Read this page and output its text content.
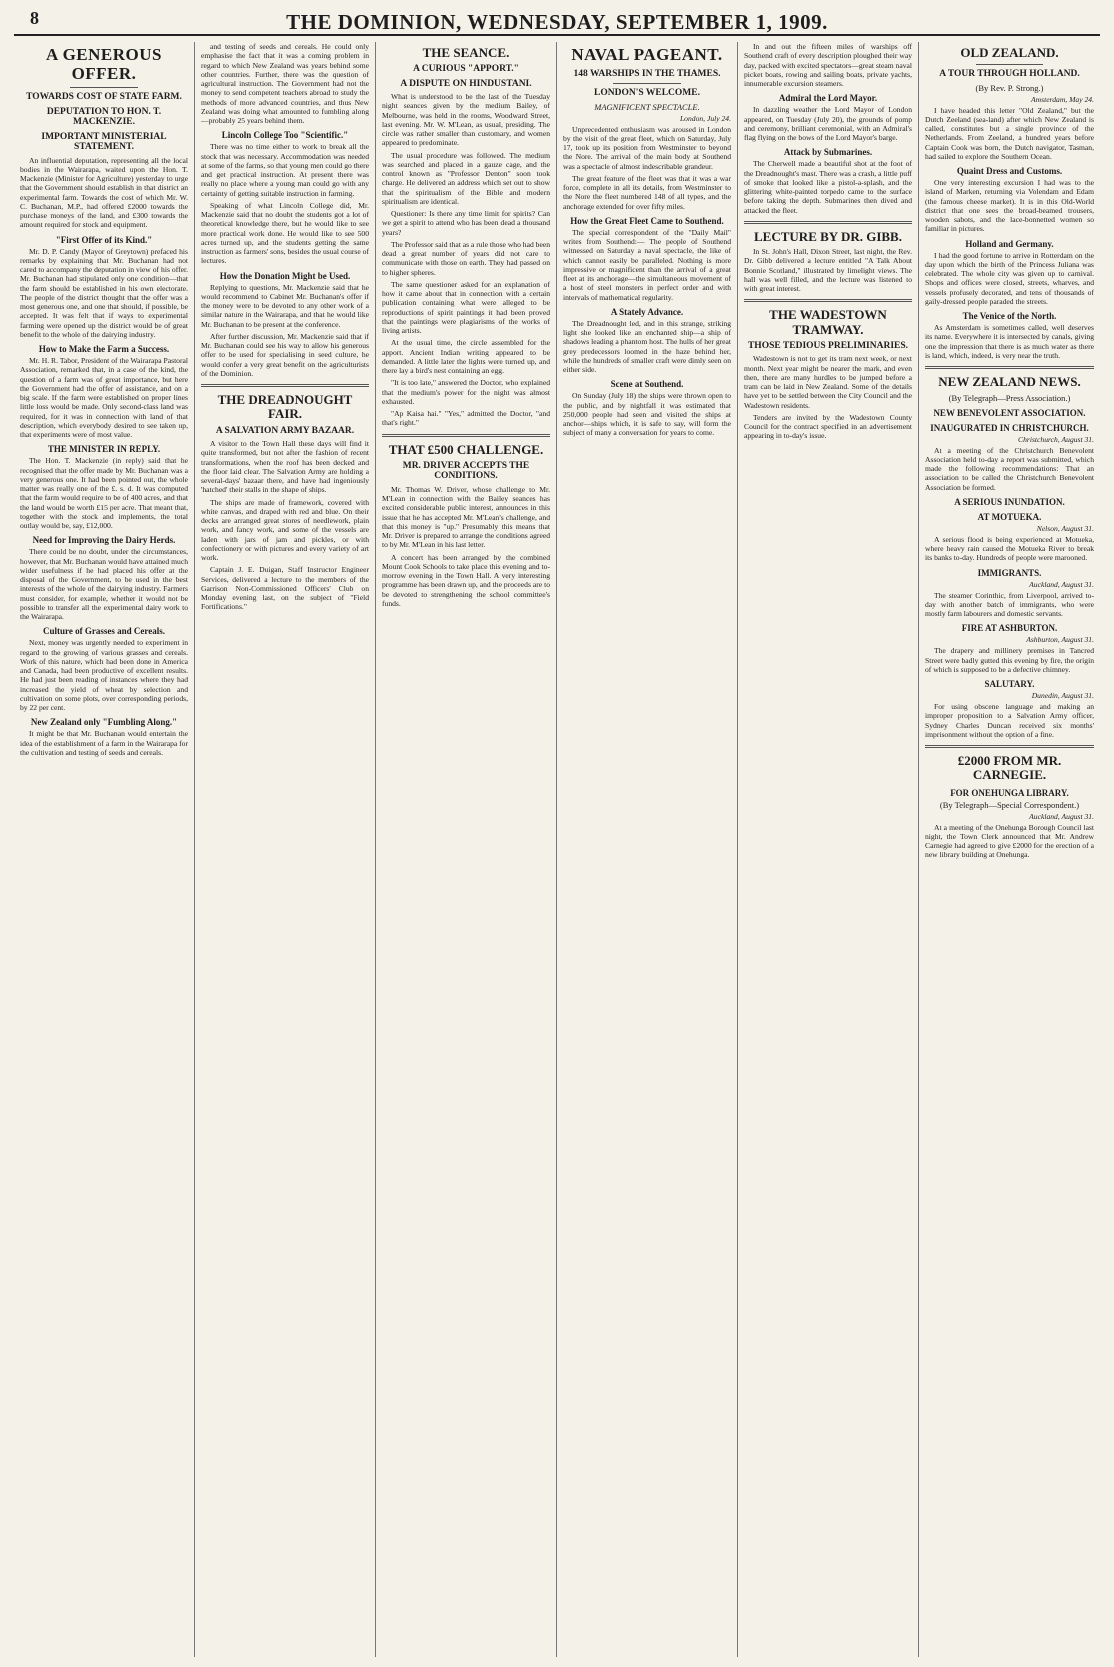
8	THE DOMINION, WEDNESDAY, SEPTEMBER 1, 1909.
A GENEROUS OFFER.
TOWARDS COST OF STATE FARM.
DEPUTATION TO HON. T. MACKENZIE.
IMPORTANT MINISTERIAL STATEMENT.

An influential deputation, representing all the local bodies in the Wairarapa, waited upon the Hon. T. Mackenzie (Minister for Agriculture) yesterday to urge that the Government should establish in that district an experimental farm. Towards the cost of which Mr. W. C. Buchanan, M.P., had offered £2000 towards the purchase moneys of the land, and £300 towards the amount required for stock and equipment.

"First Offer of its Kind."

Mr. D. P. Candy (Mayor of Greytown) prefaced his remarks by explaining that Mr. Buchanan had not cared to accompany the deputation in view of his offer. Mr. Buchanan had stipulated only one condition—that the farm should be established in his own electorate. The people of the district thought that the offer was a most generous one, and one that should, if possible, be accepted. It was felt that if ways to experimental farming were opened up the district would be of great benefit to the whole of the dairying industry.

How to Make the Farm a Success.

Mr. H. R. Tabor, President of the Wairarapa Pastoral Association, remarked that, in a case of the kind, the question of a farm was of great importance, but here the Government had the offer of assistance, and on a big scale. If the farm were established on proper lines little loss would be made. Only second-class land was required, for it was in connection with land of that description, which everybody desired to see taken up, that experiments were of most value.

THE MINISTER IN REPLY.

The Hon. T. Mackenzie (in reply) said that he recognised that the offer made by Mr. Buchanan was a very generous one. It had been pointed out, the whole matter was really one of the £. s. d. It was computed that the farm would require to be of 400 acres, and that the land would be worth £15 per acre. That meant that, together with the stock and implements, the total outlay would be, say, £12,000.

Need for Improving the Dairy Herds.

There could be no doubt, under the circumstances, however, that Mr. Buchanan would have attained much wider usefulness if he had placed his offer at the disposal of the Government, to be used in the best interests of the whole of the dairying industry. Farmers must consider, for example, whether it would not be possible to transfer all the experimental dairy work to the Wairarapa.

Culture of Grasses and Cereals.

Next, money was urgently needed to experiment in regard to the growing of various grasses and cereals. Work of this nature, which had been done in America and Canada, had been productive of excellent results. He had just been reading of instances where they had increased the yield of wheat by selection and cultivation on some plots, over corresponding periods, by 22 per cent.

New Zealand only "Fumbling Along."

It might be that Mr. Buchanan would entertain the idea of the establishment of a farm in the Wairarapa for the cultivation and testing of seeds and cereals.

and testing of seeds and cereals. He could only emphasise the fact that it was a coming problem in regard to which New Zealand was years behind some other countries. Further, there was the question of agricultural instruction. The Government had not the money to send competent teachers abroad to study the methods of more advanced countries, and thus New Zealand was doing what amounted to fumbling along—probably 25 years behind them.

Lincoln College Too "Scientific."

There was no time either to work to break all the stock that was necessary. Accommodation was needed at some of the farms, so that young men could go there and get practical instruction. At present there was really no place where a young man could go with any certainty of getting suitable instruction in farming.

Speaking of what Lincoln College did, Mr. Mackenzie said that no doubt the students got a lot of theoretical knowledge there, but he would like to see more practical work done. He would like to see 500 acres turned up, and the students getting the same instruction as farmers' sons, besides the usual course of lectures.

How the Donation Might be Used.

Replying to questions, Mr. Mackenzie said that he would recommend to Cabinet Mr. Buchanan's offer if the money were to be devoted to any other work of a similar nature in the Wairarapa, and that he would like Mr. Buchanan to be present at the conference.

After further discussion, Mr. Mackenzie said that if Mr. Buchanan could see his way to allow his generous offer to be used for specialising in seed culture, he would confer a very great benefit on the agriculturists of the Dominion.

THE DREADNOUGHT FAIR.
A SALVATION ARMY BAZAAR.

A visitor to the Town Hall these days will find it quite transformed, but not after the fashion of recent transformations, when the roof has been decked and the floor laid clear. The Salvation Army are holding a several-days' bazaar there, and have had ingeniously 'hatched' their stalls in the shape of ships.

The ships are made of framework, covered with white canvas, and draped with red and blue. On their decks are arranged great stores of needlework, plain work, and fancy work, and some of the vessels are laden with jars of jam and pickles, or with confectionery or with pictures and every variety of art work.

Captain J. E. Duigan, Staff Instructor Engineer Services, delivered a lecture to the members of the Garrison Non-Commissioned Officers' Club on Monday evening last, on the subject of "Field Fortifications."

THE SEANCE.
A CURIOUS "APPORT."
A DISPUTE ON HINDUSTANI.

What is understood to be the last of the Tuesday night seances given by the medium Bailey, of Melbourne, was held in the rooms, Woodward Street, last evening. Mr. W. M'Lean, as usual, presiding. The circle was rather smaller than customary, and women appeared to predominate.

The usual procedure was followed. The medium was searched and placed in a gauze cage, and the control known as "Professor Denton" soon took charge. He delivered an address which set out to show that the spiritualism of the Bible and modern spiritualism are identical.

Questioner: Is there any time limit for spirits? Can we get a spirit to attend who has been dead a thousand years?

The Professor said that as a rule those who had been dead a great number of years did not care to communicate with those on earth. They had passed on to higher spheres.

The same questioner asked for an explanation of how it came about that in connection with a certain publication containing what were alleged to be reproductions of spirit paintings it had been proved that the paintings were plagiarisms of the works of living artists.

At the usual time, the circle assembled for the apport. Ancient Indian writing appeared to be demanded. A little later the lights were turned up, and there lay a bird's nest containing an egg.

"It is too late," answered the Doctor, who explained that the medium's power for the night was almost exhausted.

"Ap Kaisa hai." "Yes," admitted the Doctor, "and that's right."

THAT £500 CHALLENGE.
MR. DRIVER ACCEPTS THE CONDITIONS.

Mr. Thomas W. Driver, whose challenge to Mr. M'Lean in connection with the Bailey seances has excited considerable public interest, announces in this issue that he has accepted Mr. M'Lean's challenge, and that this money is "up." Presumably this means that Mr. Driver is prepared to arrange the conditions agreed to by Mr. M'Lean in his last letter.

A concert has been arranged by the combined Mount Cook Schools to take place this evening and to-morrow evening in the Town Hall. A very interesting programme has been drawn up, and the proceeds are to be devoted to strengthening the school committee's funds.

NAVAL PAGEANT.
148 WARSHIPS IN THE THAMES.
LONDON'S WELCOME.
MAGNIFICENT SPECTACLE.
London, July 24.

Unprecedented enthusiasm was aroused in London by the visit of the great fleet, which on Saturday, July 17, took up its position from Westminster to beyond the Nore. The arrival of the main body at Southend was a spectacle of almost indescribable grandeur.

The great feature of the fleet was that it was a war force, complete in all its details, from Westminster to the Nore the fleet numbered 148 of all types, and the anchorage extended for over fifty miles.

How the Great Fleet Came to Southend.

The special correspondent of the "Daily Mail" writes from Southend:— The people of Southend witnessed on Saturday a naval spectacle, the like of which cannot easily be paralleled. Nothing is more impressive or magnificent than the arrival of a great fleet at its anchorage—the simultaneous movement of a host of steel monsters in perfect order and with intervals of mathematical regularity.

A Stately Advance.

The Dreadnought led, and in this strange, striking light she looked like an enchanted ship—a ship of shadows leading a phantom host. The hulls of her great grey predecessors loomed in the haze behind her, while the hundreds of smaller craft were dimly seen on either side.

Scene at Southend.

On Sunday (July 18) the ships were thrown open to the public, and by nightfall it was estimated that 250,000 people had seen and visited the ships at anchor—ships which, it is safe to say, will form the subject of many a conversation for years to come.

In and out the fifteen miles of warships off Southend craft of every description ploughed their way day, packed with excited spectators—great steam naval picket boats, rowing and sailing boats, private yachts, innumerable excursion steamers.

Admiral the Lord Mayor.

In dazzling weather the Lord Mayor of London appeared, on Tuesday (July 20), the grounds of pomp and ceremony, brilliant ceremonial, with an Admiral's flag flying on the bows of the Lord Mayor's barge.

Attack by Submarines.

The Cherwell made a beautiful shot at the foot of the Dreadnought's mast. There was a crash, a little puff of smoke that looked like a pistol-a-splash, and the glittering white-painted torpedo came to the surface before taking the depth. Submarines then dived and attacked the fleet.

LECTURE BY DR. GIBB.

In St. John's Hall, Dixon Street, last night, the Rev. Dr. Gibb delivered a lecture entitled "A Talk About Bonnie Scotland," illustrated by limelight views. The hall was well filled, and the lecture was listened to with great interest.

THE WADESTOWN TRAMWAY.
THOSE TEDIOUS PRELIMINARIES.

Wadestown is not to get its tram next week, or next month. Next year might be nearer the mark, and even then, there are many hurdles to be jumped before a tram can be laid in New Zealand. Some of the details have yet to be settled between the City Council and the Wadestown residents.

Tenders are invited by the Wadestown County Council for the contract specified in an advertisement appearing in to-day's issue.

OLD ZEALAND.
A TOUR THROUGH HOLLAND.
(By Rev. P. Strong.)
Amsterdam, May 24.

I have headed this letter "Old Zealand," but the Dutch Zeeland (sea-land) after which New Zealand is called, constitutes but a single province of the Netherlands. From Zeeland, a hundred years before Captain Cook was born, the Dutch navigator, Tasman, had sailed to explore the Southern Ocean.

Quaint Dress and Customs.

One very interesting excursion I had was to the island of Marken, returning via Volendam and Edam (the famous cheese market). It is in this Old-World district that one sees the broad-beamed trousers, wooden sabots, and the lace-bonnetted women so familiar in pictures.

Holland and Germany.

I had the good fortune to arrive in Rotterdam on the day upon which the birth of the Princess Juliana was celebrated. The whole city was given up to carnival. Shops and offices were closed, streets, wharves, and vessels profusely decorated, and tens of thousands of gaily-dressed people paraded the streets.

The Venice of the North.

As Amsterdam is sometimes called, well deserves its name. Everywhere it is intersected by canals, giving one the impression that there is as much water as there is land, which, indeed, is very near the truth.

NEW ZEALAND NEWS.
(By Telegraph—Press Association.)
NEW BENEVOLENT ASSOCIATION.
INAUGURATED IN CHRISTCHURCH.
Christchurch, August 31.

At a meeting of the Christchurch Benevolent Association held to-day a report was submitted, which made the following recommendations: That an association to be called the Christchurch Benevolent Association be formed.

A SERIOUS INUNDATION.
AT MOTUEKA.
Nelson, August 31.

A serious flood is being experienced at Motueka, where heavy rain caused the Motueka River to break its banks to-day. Hundreds of people were marooned.

IMMIGRANTS.
Auckland, August 31.

The steamer Corinthic, from Liverpool, arrived to-day with another batch of immigrants, who were mostly farm labourers and domestic servants.

FIRE AT ASHBURTON.
Ashburton, August 31.

The drapery and millinery premises in Tancred Street were badly gutted this evening by fire, the origin of which is supposed to be a defective chimney.

SALUTARY.
Dunedin, August 31.

For using obscene language and making an improper proposition to a Salvation Army officer, Sydney Charles Duncan received six months' imprisonment without the option of a fine.

£2000 FROM MR. CARNEGIE.
FOR ONEHUNGA LIBRARY.
(By Telegraph—Special Correspondent.)
Auckland, August 31.

At a meeting of the Onehunga Borough Council last night, the Town Clerk announced that Mr. Andrew Carnegie had agreed to give £2000 for the erection of a new library building at Onehunga.
